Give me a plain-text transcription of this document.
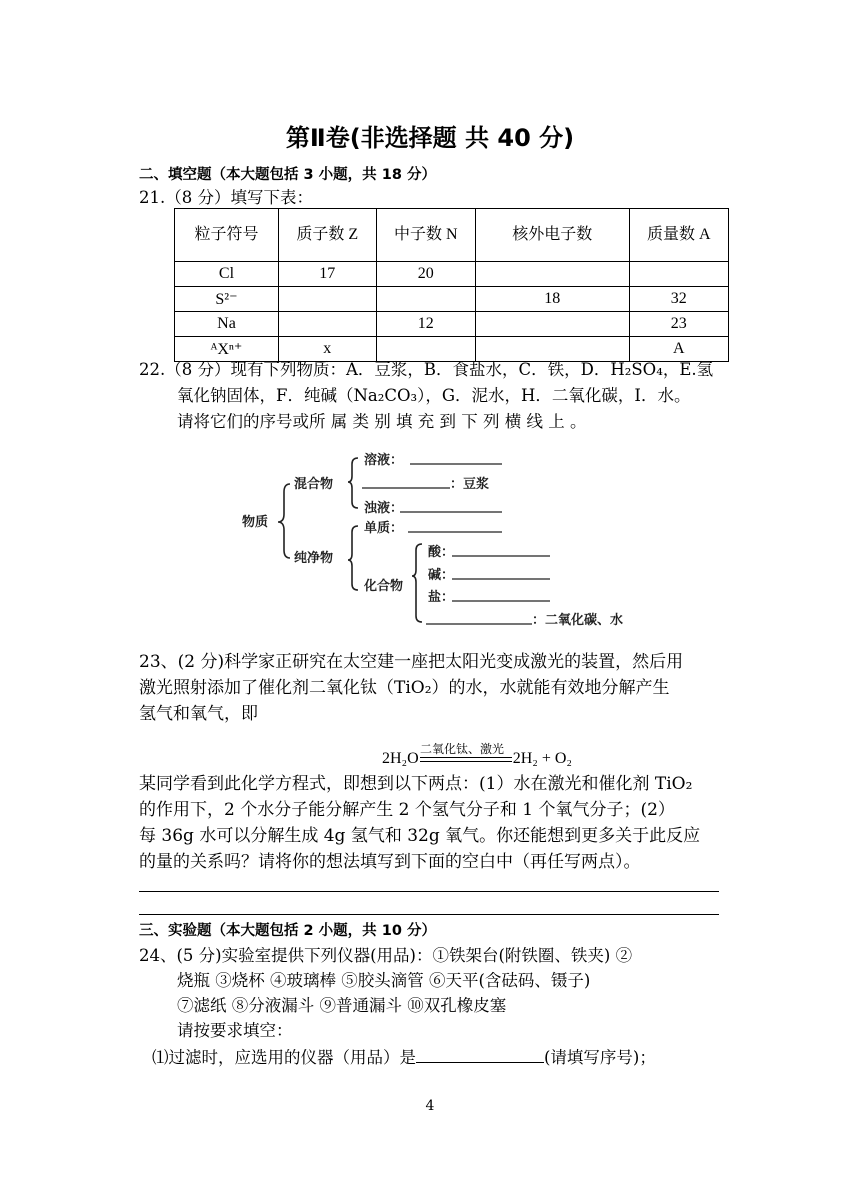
第Ⅱ卷(非选择题 共 40 分)
二、填空题（本大题包括 3 小题，共 18 分）
21.（8 分）填写下表：
粒子符号	质子数 Z	中子数 N	核外电子数	质量数 A
Cl	17	20		
S²⁻			18	32
Na		12		23
ᴬXⁿ⁺	x			A
22.（8 分）现有下列物质：A．豆浆，B．食盐水，C．铁，D．H₂SO₄，E.氢
氧化钠固体，F．纯碱（Na₂CO₃），G．泥水，H．二氧化碳，I．水。
请将它们的序号或所 属 类 别 填 充 到 下 列 横 线 上 。
物质
混合物
溶液：
：豆浆
浊液：
纯净物
单质：
化合物
酸：
碱：
盐：
：二氧化碳、水
23、(2 分)科学家正研究在太空建一座把太阳光变成激光的装置，然后用
激光照射添加了催化剂二氧化钛（TiO₂）的水，水就能有效地分解产生
氢气和氧气，即
二氧化钛、激光
2H₂O	2H₂ + O₂
某同学看到此化学方程式，即想到以下两点：(1）水在激光和催化剂 TiO₂
的作用下，2 个水分子能分解产生 2 个氢气分子和 1 个氧气分子；(2）
每 36g 水可以分解生成 4g 氢气和 32g 氧气。你还能想到更多关于此反应
的量的关系吗？请将你的想法填写到下面的空白中（再任写两点）。
三、实验题（本大题包括 2 小题，共 10 分）
24、(5 分)实验室提供下列仪器(用品)：①铁架台(附铁圈、铁夹) ②
烧瓶 ③烧杯 ④玻璃棒 ⑤胶头滴管 ⑥天平(含砝码、镊子)
⑦滤纸 ⑧分液漏斗 ⑨普通漏斗 ⑩双孔橡皮塞
请按要求填空：
⑴过滤时，应选用的仪器（用品）是	(请填写序号)；
4
